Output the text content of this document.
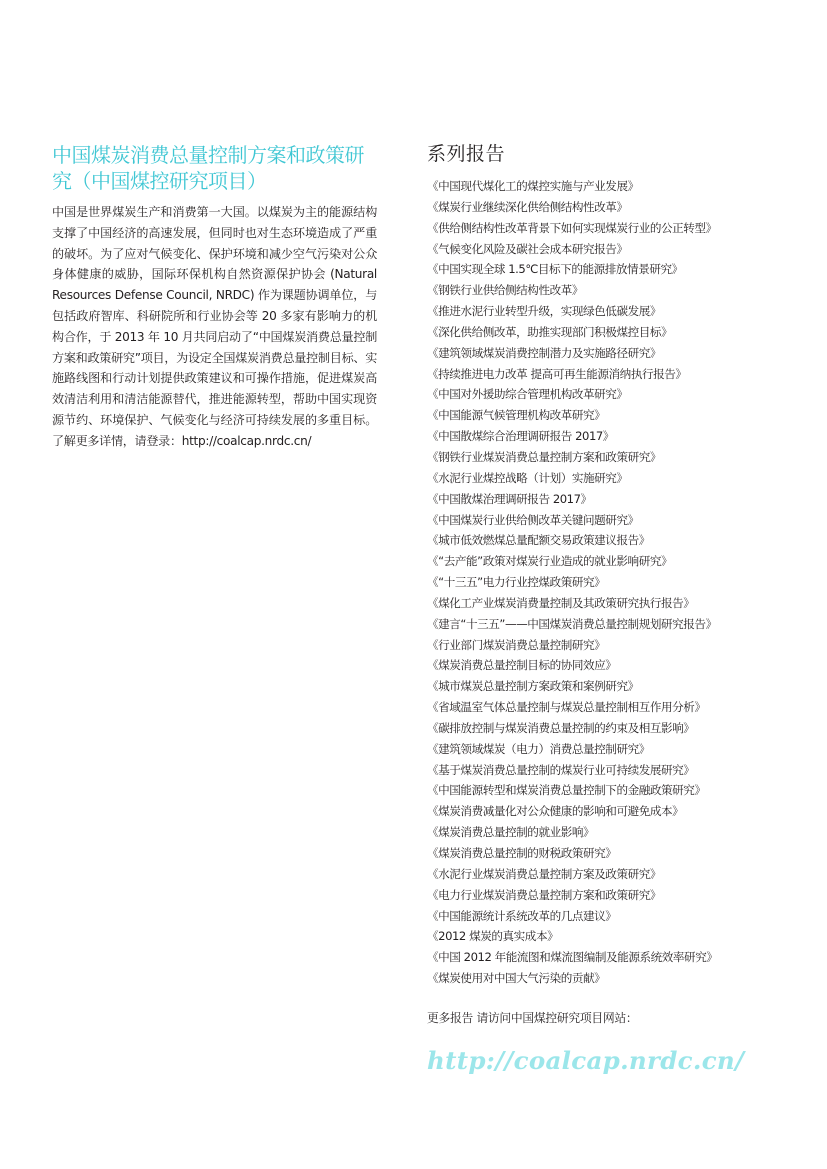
中国煤炭消费总量控制方案和政策研究（中国煤控研究项目）

中国是世界煤炭生产和消费第一大国。以煤炭为主的能源结构支撑了中国经济的高速发展，但同时也对生态环境造成了严重的破坏。为了应对气候变化、保护环境和减少空气污染对公众身体健康的威胁，国际环保机构自然资源保护协会 (Natural Resources Defense Council, NRDC) 作为课题协调单位，与包括政府智库、科研院所和行业协会等 20 多家有影响力的机构合作，于 2013 年 10 月共同启动了“中国煤炭消费总量控制方案和政策研究”项目，为设定全国煤炭消费总量控制目标、实施路线图和行动计划提供政策建议和可操作措施，促进煤炭高效清洁利用和清洁能源替代，推进能源转型，帮助中国实现资源节约、环境保护、气候变化与经济可持续发展的多重目标。了解更多详情，请登录：http://coalcap.nrdc.cn/

系列报告
《中国现代煤化工的煤控实施与产业发展》
《煤炭行业继续深化供给侧结构性改革》
《供给侧结构性改革背景下如何实现煤炭行业的公正转型》
《气候变化风险及碳社会成本研究报告》
《中国实现全球 1.5℃目标下的能源排放情景研究》
《钢铁行业供给侧结构性改革》
《推进水泥行业转型升级，实现绿色低碳发展》
《深化供给侧改革，助推实现部门积极煤控目标》
《建筑领域煤炭消费控制潜力及实施路径研究》
《持续推进电力改革 提高可再生能源消纳执行报告》
《中国对外援助综合管理机构改革研究》
《中国能源气候管理机构改革研究》
《中国散煤综合治理调研报告 2017》
《钢铁行业煤炭消费总量控制方案和政策研究》
《水泥行业煤控战略（计划）实施研究》
《中国散煤治理调研报告 2017》
《中国煤炭行业供给侧改革关键问题研究》
《城市低效燃煤总量配额交易政策建议报告》
《“去产能”政策对煤炭行业造成的就业影响研究》
《“十三五”电力行业控煤政策研究》
《煤化工产业煤炭消费量控制及其政策研究执行报告》
《建言“十三五”——中国煤炭消费总量控制规划研究报告》
《行业部门煤炭消费总量控制研究》
《煤炭消费总量控制目标的协同效应》
《城市煤炭总量控制方案政策和案例研究》
《省域温室气体总量控制与煤炭总量控制相互作用分析》
《碳排放控制与煤炭消费总量控制的约束及相互影响》
《建筑领域煤炭（电力）消费总量控制研究》
《基于煤炭消费总量控制的煤炭行业可持续发展研究》
《中国能源转型和煤炭消费总量控制下的金融政策研究》
《煤炭消费减量化对公众健康的影响和可避免成本》
《煤炭消费总量控制的就业影响》
《煤炭消费总量控制的财税政策研究》
《水泥行业煤炭消费总量控制方案及政策研究》
《电力行业煤炭消费总量控制方案和政策研究》
《中国能源统计系统改革的几点建议》
《2012 煤炭的真实成本》
《中国 2012 年能流图和煤流图编制及能源系统效率研究》
《煤炭使用对中国大气污染的贡献》

更多报告 请访问中国煤控研究项目网站：

http://coalcap.nrdc.cn/
